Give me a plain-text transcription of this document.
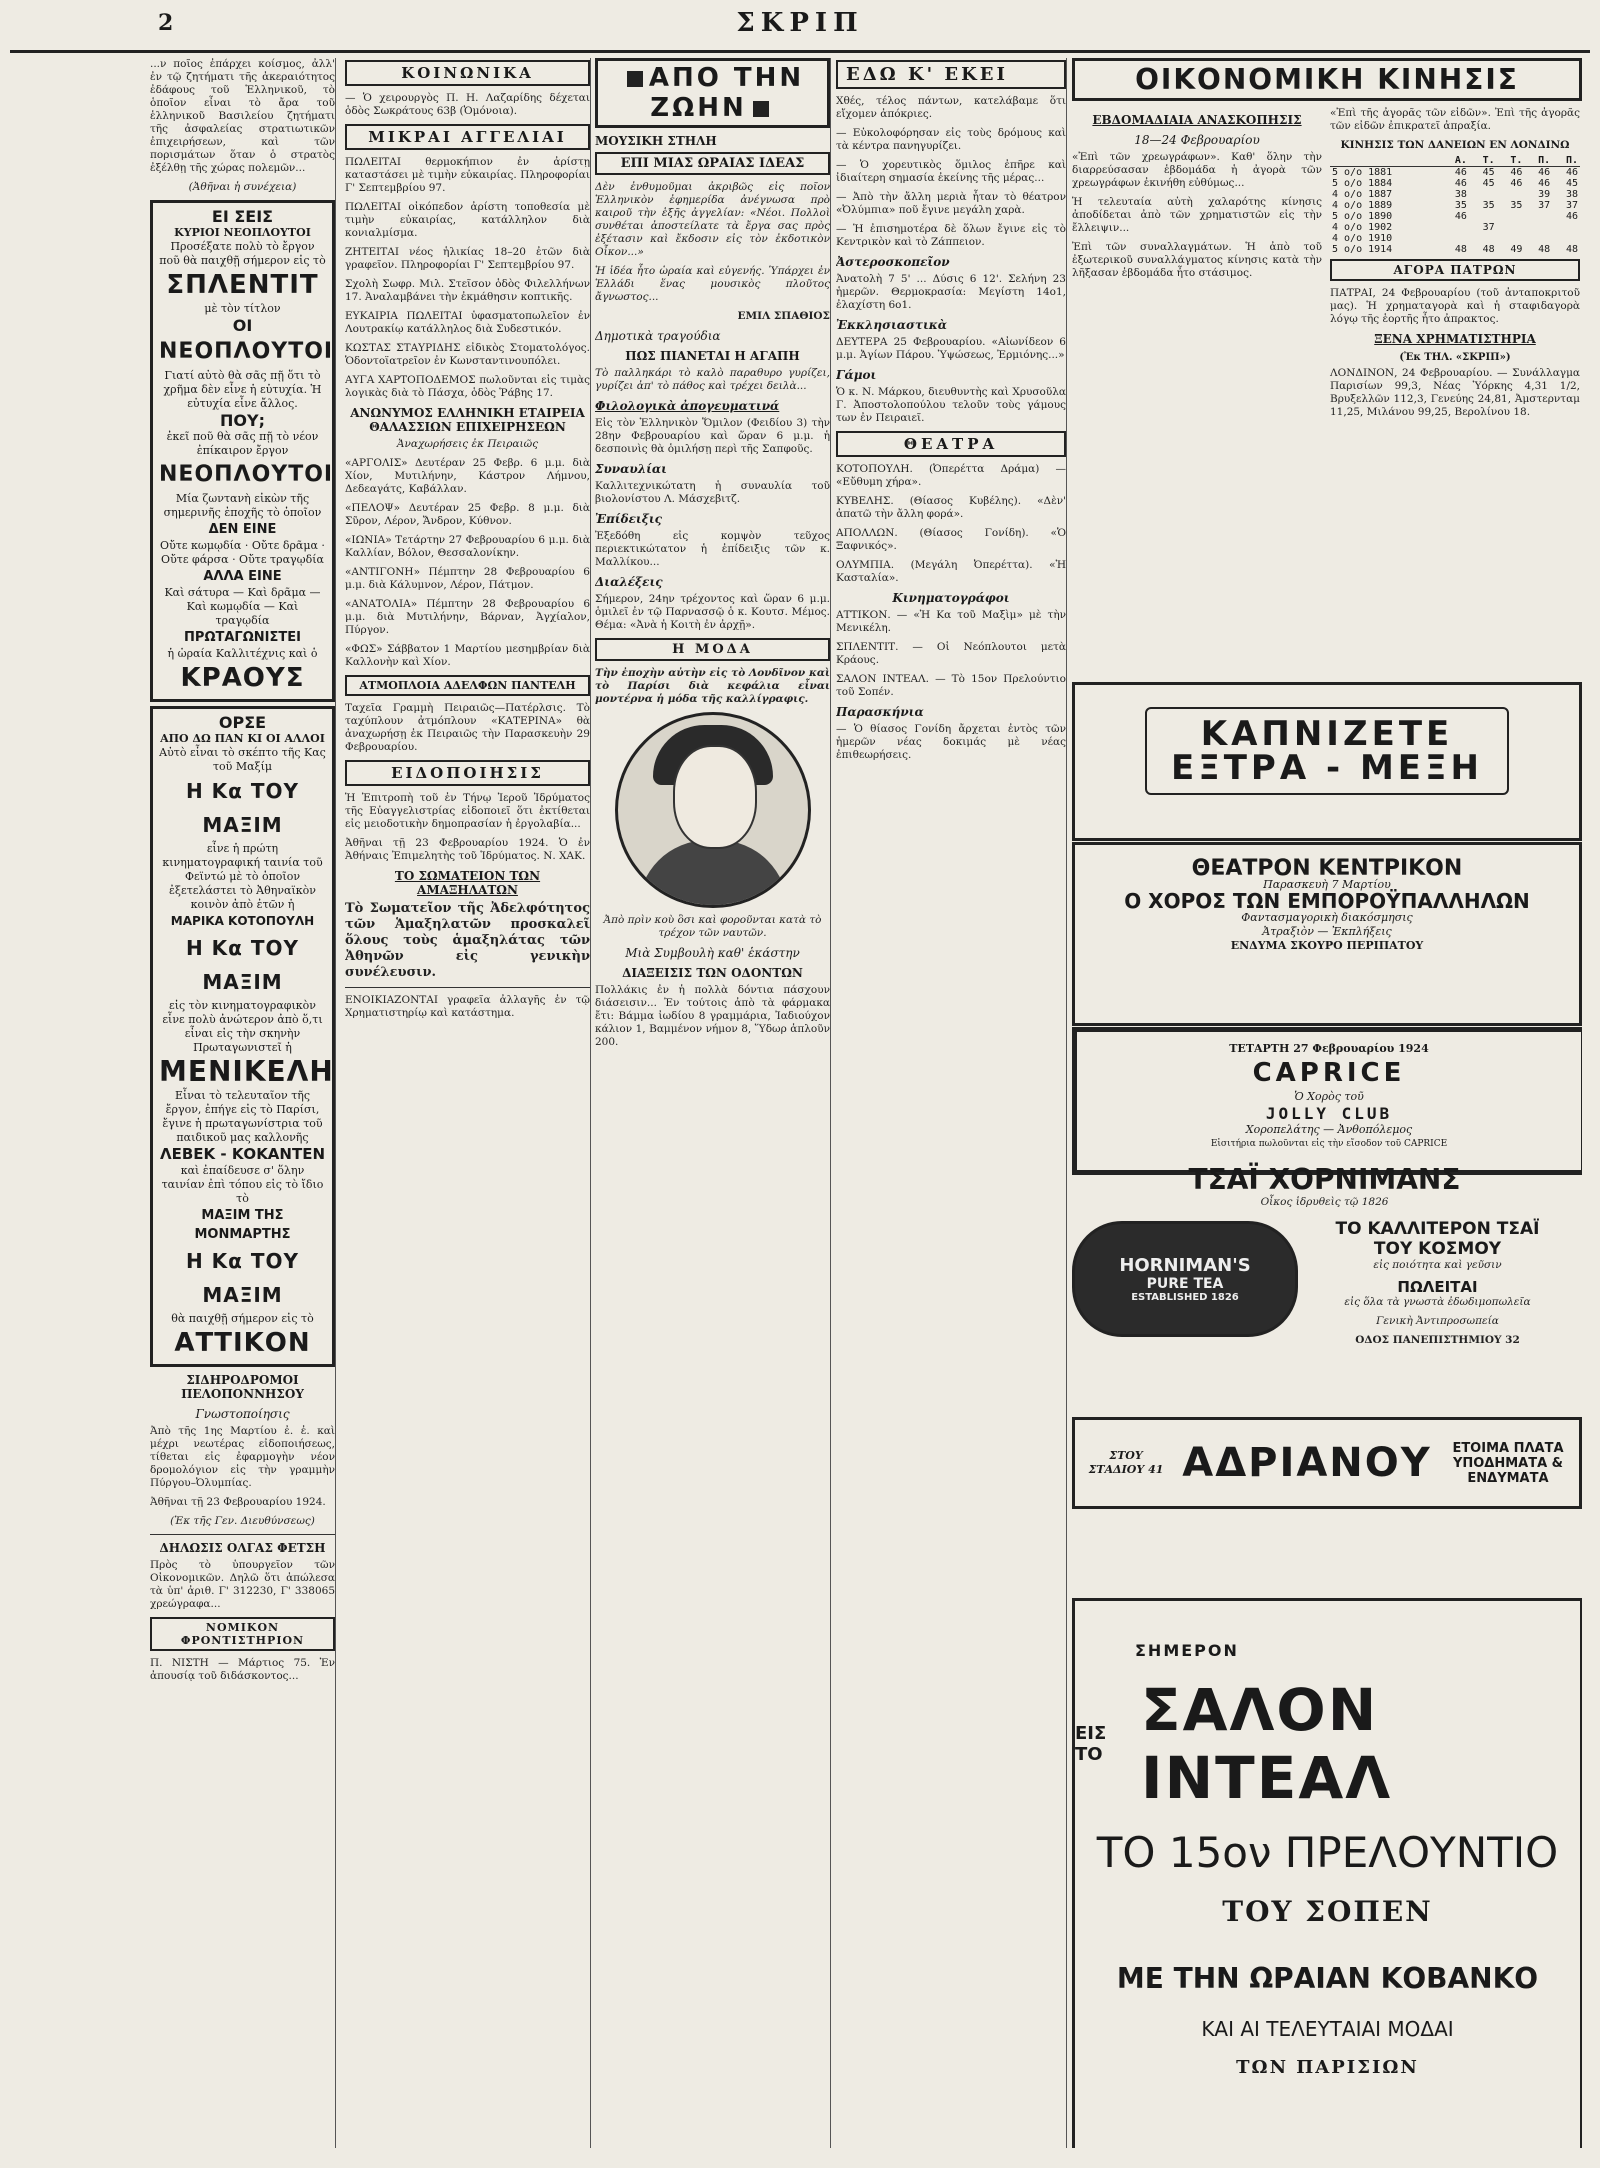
2	ΣΚΡΙΠ

...ν ποῖος ἐπάρχει κοίσμος, ἀλλ' ἐν τῷ ζητήματι τῆς ἀκεραιότητος ἐδάφους τοῦ Ἑλληνικοῦ, τὸ ὁποῖον εἶναι τὸ ἄρα τοῦ ἑλληνικοῦ Βασιλείου ζητήματι τῆς ἀσφαλείας στρατιωτικῶν ἐπιχειρήσεων, καὶ τῶν πορισμάτων ὅταν ὁ στρατὸς ἐξέλθῃ τῆς χώρας πολεμῶν...

(Ἀθῆναι ἡ συνέχεια)

ΕΙ ΣΕΙΣ
ΚΥΡΙΟΙ ΝΕΟΠΛΟΥΤΟΙ
Προσέξατε πολὺ τὸ ἔργον ποῦ θὰ παιχθῇ σήμερον εἰς τὸ
ΣΠΛΕΝΤΙΤ
μὲ τὸν τίτλον
ΟΙ
ΝΕΟΠΛΟΥΤΟΙ
Γιατί αὐτὸ θὰ σᾶς πῇ ὅτι τὸ χρῆμα δὲν εἶνε ἡ εὐτυχία. Ἡ εὐτυχία εἶνε ἄλλος.
ΠΟΥ;
ἐκεῖ ποῦ θὰ σᾶς πῇ τὸ νέον ἐπίκαιρον ἔργον
ΝΕΟΠΛΟΥΤΟΙ
Μία ζωντανὴ εἰκὼν τῆς σημερινῆς ἐποχῆς τὸ ὁποῖον
ΔΕΝ ΕΙΝΕ
Οὔτε κωμῳδία · Οὔτε δρᾶμα · Οὔτε φάρσα · Οὔτε τραγῳδία
ΑΛΛΑ ΕΙΝΕ
Καὶ σάτυρα — Καὶ δρᾶμα — Καὶ κωμῳδία — Καὶ τραγῳδία
ΠΡΩΤΑΓΩΝΙΣΤΕΙ
ἡ ὡραία Καλλιτέχνις καὶ ὁ
ΚΡΑΟΥΣ
ΟΡΣΕ
ΑΠΟ ΔΩ ΠΑΝ ΚΙ ΟΙ ΑΛΛΟΙ
Αὐτὸ εἶναι τὸ σκέπτο τῆς Κας τοῦ Μαξίμ
Η Κα ΤΟΥ ΜΑΞΙΜ
εἶνε ἡ πρώτη κινηματογραφική ταινία τοῦ Φεϊντώ μὲ τὸ ὁποῖον ἐξετελάστει τὸ Ἀθηναϊκὸν κοινὸν ἀπὸ ἐτῶν ἡ
ΜΑΡΙΚΑ ΚΟΤΟΠΟΥΛΗ
Η Κα ΤΟΥ ΜΑΞΙΜ
εἰς τὸν κινηματογραφικὸν εἶνε πολὺ ἀνώτερον ἀπὸ ὅ,τι εἶναι εἰς τὴν σκηνὴν
Πρωταγωνιστεῖ ἡ
ΜΕΝΙΚΕΛΗ
Εἶναι τὸ τελευταῖον τῆς ἔργον, ἐπήγε εἰς τὸ Παρίσι, ἔγινε ἡ πρωταγωνίστρια τοῦ παιδικοῦ μας καλλονῆς
ΛΕΒΕΚ - ΚΟΚΑΝΤΕΝ
καὶ ἐπαίδευσε σ' ὅλην ταινίαν ἐπὶ τόπου εἰς τὸ ἴδιο τὸ
ΜΑΞΙΜ ΤΗΣ ΜΟΝΜΑΡΤΗΣ
Η Κα ΤΟΥ ΜΑΞΙΜ
θὰ παιχθῇ σήμερον εἰς τὸ
ΑΤΤΙΚΟΝ
ΣΙΔΗΡΟΔΡΟΜΟΙ ΠΕΛΟΠΟΝΝΗΣΟΥ
Γνωστοποίησις

Ἀπὸ τῆς 1ης Μαρτίου ἐ. ἐ. καὶ μέχρι νεωτέρας εἰδοποιήσεως, τίθεται εἰς ἐφαρμογὴν νέον δρομολόγιον εἰς τὴν γραμμὴν Πύργου–Ὀλυμπίας.

Ἀθῆναι τῇ 23 Φεβρουαρίου 1924.

(Ἐκ τῆς Γεν. Διευθύνσεως)

ΔΗΛΩΣΙΣ ΟΛΓΑΣ ΦΕΤΣΗ

Πρὸς τὸ ὑπουργεῖον τῶν Οἰκονομικῶν. Δηλῶ ὅτι ἀπώλεσα τὰ ὑπ' ἀριθ. Γ' 312230, Γ' 338065 χρεώγραφα...

ΝΟΜΙΚΟΝ ΦΡΟΝΤΙΣΤΗΡΙΟΝ

Π. ΝΙΣΤΗ — Μάρτιος 75. Ἐν ἀπουσίᾳ τοῦ διδάσκοντος...

ΚΟΙΝΩΝΙΚΑ

— Ὁ χειρουργὸς Π. Η. Λαζαρίδης δέχεται ὁδὸς Σωκράτους 63β (Ὁμόνοια).

ΜΙΚΡΑΙ ΑΓΓΕΛΙΑΙ

ΠΩΛΕΙΤΑΙ θερμοκήπιον ἐν ἀρίστῃ καταστάσει μὲ τιμὴν εὐκαιρίας. Πληροφορίαι Γ' Σεπτεμβρίου 97.

ΠΩΛΕΙΤΑΙ οἰκόπεδον ἀρίστη τοποθεσία μὲ τιμὴν εὐκαιρίας, κατάλληλον διὰ κονιαλμίσμα.

ΖΗΤΕΙΤΑΙ νέος ἡλικίας 18–20 ἐτῶν διὰ γραφεῖον. Πληροφορίαι Γ' Σεπτεμβρίου 97.

Σχολὴ Σωφρ. Μιλ. Στεῖσον ὁδὸς Φιλελλήνων 17. Ἀναλαμβάνει τὴν ἐκμάθησιν κοπτικῆς.

ΕΥΚΑΙΡΙΑ ΠΩΛΕΙΤΑΙ ὑφασματοπωλεῖον ἐν Λουτρακίῳ κατάλληλος διὰ Συδεστικόν.

ΚΩΣΤΑΣ ΣΤΑΥΡΙΔΗΣ εἰδικὸς Στοματολόγος. Ὁδοντοϊατρεῖον ἐν Κωνσταντινουπόλει.

ΑΥΓΑ ΧΑΡΤΟΠΟΔΕΜΟΣ πωλοῦνται εἰς τιμὰς λογικὰς διὰ τὸ Πάσχα, ὁδὸς Ῥάβης 17.

ΑΝΩΝΥΜΟΣ ΕΛΛΗΝΙΚΗ ΕΤΑΙΡΕΙΑ ΘΑΛΑΣΣΙΩΝ ΕΠΙΧΕΙΡΗΣΕΩΝ

Ἀναχωρήσεις ἐκ Πειραιῶς

«ΑΡΓΟΛΙΣ» Δευτέραν 25 Φεβρ. 6 μ.μ. διὰ Χίον, Μυτιλήνην, Κάστρον Λήμνου, Δεδεαγάτς, Καβάλλαν.

«ΠΕΛΟΨ» Δευτέραν 25 Φεβρ. 8 μ.μ. διὰ Σῦρον, Λέρον, Ἄνδρον, Κύθνον.

«ΙΩΝΙΑ» Τετάρτην 27 Φεβρουαρίου 6 μ.μ. διὰ Καλλίαν, Βόλον, Θεσσαλονίκην.

«ΑΝΤΙΓΟΝΗ» Πέμπτην 28 Φεβρουαρίου 6 μ.μ. διὰ Κάλυμνον, Λέρον, Πάτμον.

«ΑΝΑΤΟΛΙΑ» Πέμπτην 28 Φεβρουαρίου 6 μ.μ. διὰ Μυτιλήνην, Βάρναν, Ἀγχίαλον, Πύργον.

«ΦΩΣ» Σάββατον 1 Μαρτίου μεσημβρίαν διὰ Καλλονὴν καὶ Χίον.

ΑΤΜΟΠΛΟΙΑ ΑΔΕΛΦΩΝ ΠΑΝΤΕΛΗ

Ταχεῖα Γραμμὴ Πειραιῶς—Πατέρλσις. Τὸ ταχύπλουν ἀτμόπλουν «ΚΑΤΕΡΙΝΑ» θὰ ἀναχωρήσῃ ἐκ Πειραιῶς τὴν Παρασκευὴν 29 Φεβρουαρίου.

ΕΙΔΟΠΟΙΗΣΙΣ

Ἡ Ἐπιτροπὴ τοῦ ἐν Τήνῳ Ἱεροῦ Ἱδρύματος τῆς Εὐαγγελιστρίας εἰδοποιεῖ ὅτι ἐκτίθεται εἰς μειοδοτικὴν δημοπρασίαν ἡ ἐργολαβία...

Ἀθῆναι τῇ 23 Φεβρουαρίου 1924. Ὁ ἐν Ἀθήναις Ἐπιμελητὴς τοῦ Ἱδρύματος. Ν. ΧΑΚ.

ΤΟ ΣΩΜΑΤΕΙΟΝ ΤΩΝ ΑΜΑΞΗΛΑΤΩΝ

Τὸ Σωματεῖον τῆς Ἀδελφότητος τῶν Ἁμαξηλατῶν προσκαλεῖ ὅλους τοὺς ἁμαξηλάτας τῶν Ἀθηνῶν εἰς γενικὴν συνέλευσιν.

ΕΝΟΙΚΙΑΖΟΝΤΑΙ γραφεῖα ἀλλαγῆς ἐν τῷ Χρηματιστηρίῳ καὶ κατάστημα.

ΑΠΟ ΤΗΝ ΖΩΗΝ
ΜΟΥΣΙΚΗ ΣΤΗΛΗ
ΕΠΙ ΜΙΑΣ ΩΡΑΙΑΣ ΙΔΕΑΣ

Δὲν ἐνθυμοῦμαι ἀκριβῶς εἰς ποῖον Ἑλληνικὸν ἐφημερίδα ἀνέγνωσα πρὸ καιροῦ τὴν ἑξῆς ἀγγελίαν: «Νέοι. Πολλοὶ συνθέται ἀποστείλατε τὰ ἔργα σας πρὸς ἐξέτασιν καὶ ἔκδοσιν εἰς τὸν ἐκδοτικὸν Οἶκον...»

Ἡ ἰδέα ἦτο ὡραία καὶ εὐγενής. Ὑπάρχει ἐν Ἑλλάδι ἕνας μουσικὸς πλοῦτος ἄγνωστος...

ΕΜΙΛ ΣΠΑΘΙΟΣ

Δημοτικὰ τραγούδια
ΠΩΣ ΠΙΑΝΕΤΑΙ Η ΑΓΑΠΗ

Τὸ παλληκάρι τὸ καλὸ παραθυρο γυρίζει, γυρίζει ἀπ' τὸ πάθος καὶ τρέχει δειλὰ...

Φιλολογικὰ ἀπογευματινά

Εἰς τὸν Ἑλληνικὸν Ὅμιλον (Φειδίου 3) τὴν 28ην Φεβρουαρίου καὶ ὥραν 6 μ.μ. ἡ δεσποινὶς θὰ ὁμιλήσῃ περὶ τῆς Σαπφοῦς.

Συναυλίαι

Καλλιτεχνικώτατη ἡ συναυλία τοῦ βιολονίστου Λ. Μάσχεβιτζ.

Ἐπίδειξις

Ἐξεδόθη εἰς κομψὸν τεῦχος περιεκτικώτατον ἡ ἐπίδειξις τῶν κ. Μαλλίκου...

Διαλέξεις

Σήμερον, 24ην τρέχοντος καὶ ὥραν 6 μ.μ. ὁμιλεῖ ἐν τῷ Παρνασσῷ ὁ κ. Κουτσ. Μέμος. Θέμα: «Ἀνὰ ἡ Κοιτὴ ἐν ἀρχῇ».

Η ΜΟΔΑ

Τὴν ἐποχὴν αὐτὴν εἰς τὸ Λονδῖνον καὶ τὸ Παρίσι διὰ κεφάλια εἶναι μοντέρνα ἡ μόδα τῆς καλλίγραφις.

Ἀπὸ πρὶν κοὺ ὃσι καὶ φοροῦνται κατὰ τὸ τρέχον τῶν ναυτῶν.

Μιὰ Συμβουλὴ καθ' ἑκάστην
ΔΙΑΞΕΙΣΙΣ ΤΩΝ ΟΔΟΝΤΩΝ

Πολλάκις ἐν ἡ πολλὰ δόντια πάσχουν διάσεισιν... Ἐν τούτοις ἀπὸ τὰ φάρμακα ἔτι: Βάμμα ἰωδίου 8 γραμμάρια, Ἰαδιούχον κάλιον 1, Βαμμένον νήμον 8, Ὕδωρ ἁπλοῦν 200.

ΕΔΩ Κ' ΕΚΕΙ

Χθές, τέλος πάντων, κατελάβαμε ὅτι εἴχομεν ἀπόκριες.

— Εὐκολοφόρησαν εἰς τοὺς δρόμους καὶ τὰ κέντρα πανηγυρίζει.

— Ὁ χορευτικὸς ὅμιλος ἐπῆρε καὶ ἰδιαίτερη σημασία ἐκείνης τῆς μέρας...

— Ἀπὸ τὴν ἄλλη μεριὰ ἦταν τὸ θέατρον «Ὀλύμπια» ποῦ ἔγινε μεγάλη χαρὰ.

— Ἡ ἐπισημοτέρα δὲ ὅλων ἔγινε εἰς τὸ Κεντρικὸν καὶ τὸ Ζάππειον.

Ἀστεροσκοπεῖον

Ἀνατολὴ 7 5' ... Δύσις 6 12'. Σελήνη 23 ἡμερῶν. Θερμοκρασία: Μεγίστη 14ο1, ἐλαχίστη 6ο1.

Ἐκκλησιαστικὰ

ΔΕΥΤΕΡΑ 25 Φεβρουαρίου. «Αἰωνίδεον 6 μ.μ. Ἀγίων Πάρου. Ὑψώσεως, Ἐρμιόνης...»

Γάμοι

Ὁ κ. Ν. Μάρκου, διευθυντὴς καὶ Χρυσοῦλα Γ. Ἀποστολοπούλου τελοῦν τοὺς γάμους των ἐν Πειραιεῖ.

ΘΕΑΤΡΑ

ΚΟΤΟΠΟΥΛΗ. (Ὀπερέττα Δράμα) — «Εὔθυμη χήρα».

ΚΥΒΕΛΗΣ. (Θίασος Κυβέλης). «Δὲν' ἀπατῶ τὴν ἄλλη φορά».

ΑΠΟΛΛΩΝ. (Θίασος Γονίδη). «Ὁ Ξαφνικός».

ΟΛΥΜΠΙΑ. (Μεγάλη Ὀπερέττα). «Ἡ Κασταλία».

Κινηματογράφοι

ΑΤΤΙΚΟΝ. — «Ἡ Κα τοῦ Μαξὶμ» μὲ τὴν Μενικέλη.

ΣΠΛΕΝΤΙΤ. — Οἱ Νεόπλουτοι μετὰ Κράους.

ΣΑΛΟΝ ΙΝΤΕΑΛ. — Τὸ 15ον Πρελούντιο τοῦ Σοπέν.

Παρασκήνια

— Ὁ θίασος Γονίδη ἄρχεται ἐντὸς τῶν ἡμερῶν νέας δοκιμάς μὲ νέας ἐπιθεωρήσεις.

ΟΙΚΟΝΟΜΙΚΗ ΚΙΝΗΣΙΣ
ΕΒΔΟΜΑΔΙΑΙΑ ΑΝΑΣΚΟΠΗΣΙΣ
18—24 Φεβρουαρίου

«Ἐπὶ τῶν χρεωγράφων». Καθ' ὅλην τὴν διαρρεύσασαν ἑβδομάδα ἡ ἀγορὰ τῶν χρεωγράφων ἐκινήθη εὐθύμως...

Ἡ τελευταία αὐτὴ χαλαρότης κίνησις ἀποδίδεται ἀπὸ τῶν χρηματιστῶν εἰς τὴν ἔλλειψιν...

Ἐπὶ τῶν συναλλαγμάτων. Ἡ ἀπὸ τοῦ ἐξωτερικοῦ συναλλάγματος κίνησις κατὰ τὴν λῆξασαν ἑβδομάδα ἦτο στάσιμος.

«Ἐπὶ τῆς ἀγορᾶς τῶν εἰδῶν». Ἐπὶ τῆς ἀγορᾶς τῶν εἰδῶν ἐπικρατεῖ ἀπραξία.

ΚΙΝΗΣΙΣ ΤΩΝ ΔΑΝΕΙΩΝ ΕΝ ΛΟΝΔΙΝΩ
	Α.	Τ.	Τ.	Π.	Π.
5 ο/ο 1881	46	45	46	46	46
5 ο/ο 1884	46	45	46	46	45
4 ο/ο 1887	38			39	38
4 ο/ο 1889	35	35	35	37	37
5 ο/ο 1890	46				46
4 ο/ο 1902		37			
4 ο/ο 1910					
5 ο/ο 1914	48	48	49	48	48
ΑΓΟΡΑ ΠΑΤΡΩΝ

ΠΑΤΡΑΙ, 24 Φεβρουαρίου (τοῦ ἀνταποκριτοῦ μας). Ἡ χρηματαγορὰ καὶ ἡ σταφιδαγορὰ λόγῳ τῆς ἑορτῆς ἦτο ἀπρακτος.

ΞΕΝΑ ΧΡΗΜΑΤΙΣΤΗΡΙΑ
(Ἐκ ΤΗΛ. «ΣΚΡΙΠ»)

ΛΟΝΔΙΝΟΝ, 24 Φεβρουαρίου. — Συνάλλαγμα Παρισίων 99,3, Νέας Ὑόρκης 4,31 1/2, Βρυξελλῶν 112,3, Γενεύης 24,81, Ἀμστερνταμ 11,25, Μιλάνου 99,25, Βερολίνου 18.

ΚΑΠΝΙΖΕΤΕ
ΕΞΤΡΑ - ΜΕΞΗ
ΘΕΑΤΡΟΝ ΚΕΝΤΡΙΚΟΝ
Παρασκευὴ 7 Μαρτίου
Ο ΧΟΡΟΣ ΤΩΝ ΕΜΠΟΡΟΫΠΑΛΛΗΛΩΝ
Φαντασμαγορικὴ διακόσμησις
Ἀτραξιὸν — Ἐκπλήξεις
ΕΝΔΥΜΑ ΣΚΟΥΡΟ ΠΕΡΙΠΑΤΟΥ
ΤΕΤΑΡΤΗ 27 Φεβρουαρίου 1924
CAPRICE
Ὁ Χορὸς τοῦ
JOLLY CLUB
Χοροπελάτης — Ἀνθοπόλεμος
Εἰσιτήρια πωλοῦνται εἰς τὴν εἴσοδον τοῦ CAPRICE
ΤΣΑΪ ΧΟΡΝΙΜΑΝΣ
Οἶκος ἱδρυθεὶς τῷ 1826
HORNIMAN'S
PURE TEA
ESTABLISHED 1826
ΤΟ ΚΑΛΛΙΤΕΡΟΝ ΤΣΑΪ
ΤΟΥ ΚΟΣΜΟΥ
εἰς ποιότητα καὶ γεῦσιν
ΠΩΛΕΙΤΑΙ
εἰς ὅλα τὰ γνωστὰ ἐδωδιμοπωλεῖα
Γενικὴ Ἀντιπροσωπεία
ΟΔΟΣ ΠΑΝΕΠΙΣΤΗΜΙΟΥ 32
ΣΤΟΥ ΣΤΑΔΙΟΥ 41 ΑΔΡΙΑΝΟΥ	ΕΤΟΙΜΑ ΠΛΑΤΑ
ΥΠΟΔΗΜΑΤΑ &
ΕΝΔΥΜΑΤΑ
ΣΗΜΕΡΟΝ
ΕΙΣ ΤΟ
ΣΑΛΟΝ ΙΝΤΕΑΛ
ΤΟ 15ον ΠΡΕΛΟΥΝΤΙΟ
ΤΟΥ ΣΟΠΕΝ
ΜΕ ΤΗΝ ΩΡΑΙΑΝ ΚΟΒΑΝΚΟ
ΚΑΙ ΑΙ ΤΕΛΕΥΤΑΙΑΙ ΜΟΔΑΙ
ΤΩΝ ΠΑΡΙΣΙΩΝ
